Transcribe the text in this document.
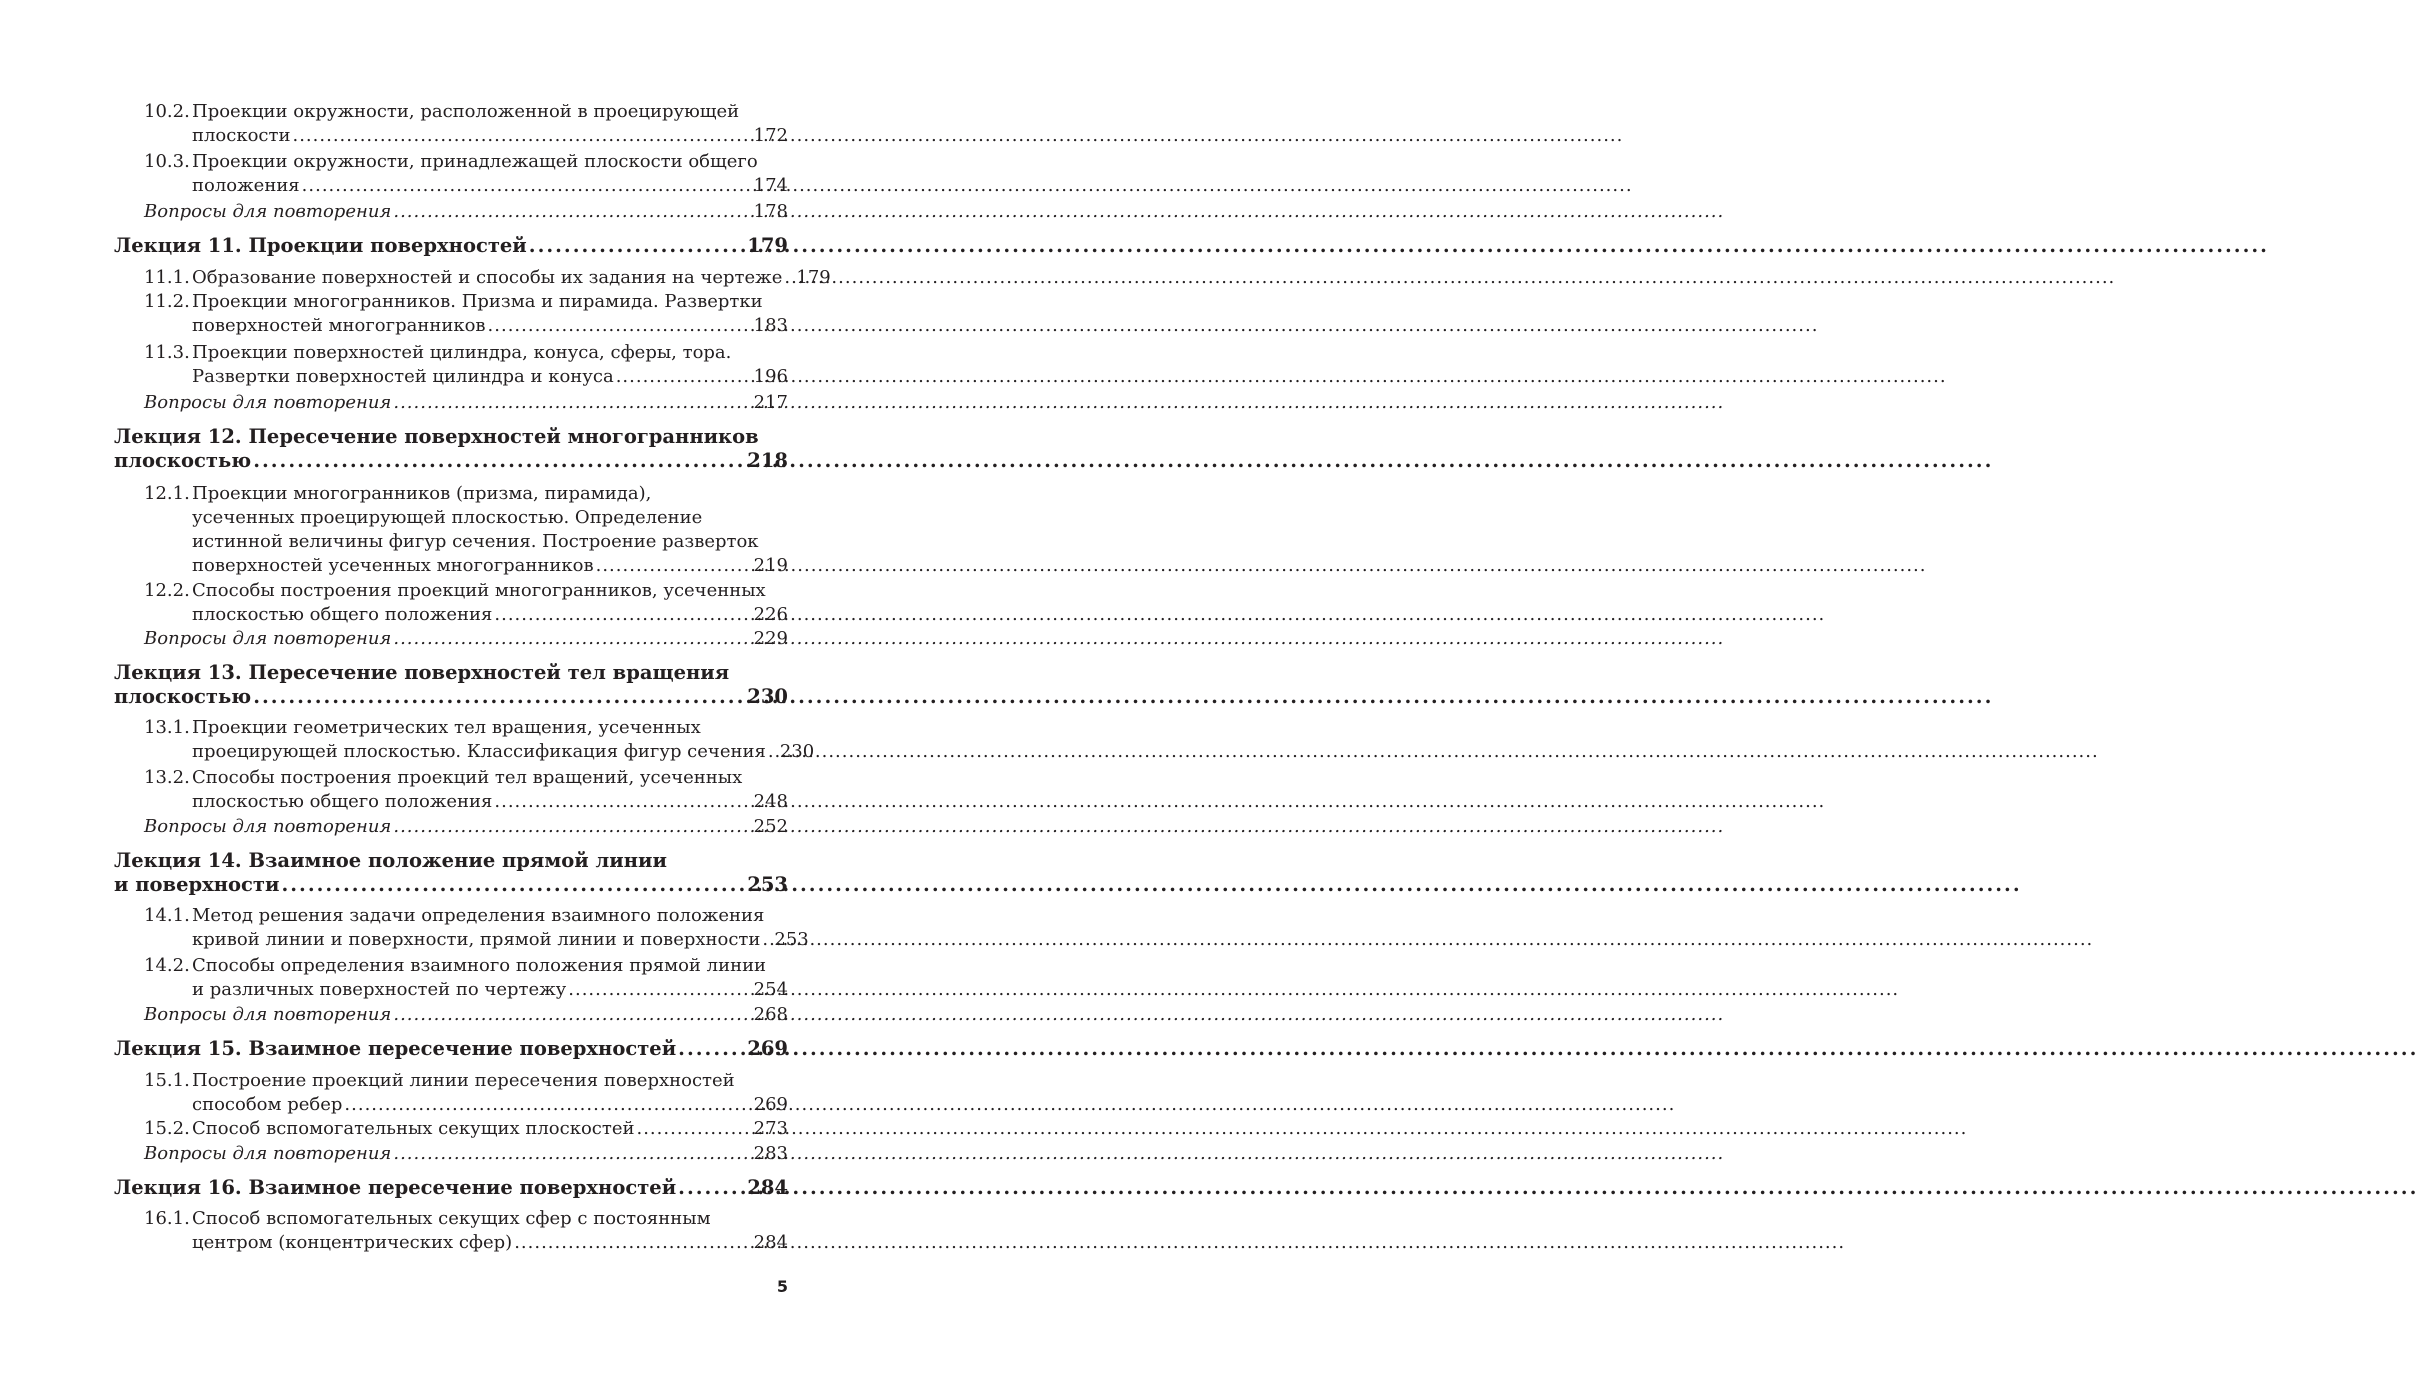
10.2. Проекции окружности, расположенной в проецирующей
плоскости .....	172
10.3. Проекции окружности, принадлежащей плоскости общего
положения .....	174
Вопросы для повторения .....	178
Лекция 11. Проекции поверхностей .....	179
11.1. Образование поверхностей и способы их задания на чертеже ..... 179
11.2. Проекции многогранников. Призма и пирамида. Развертки
поверхностей многогранников .....	183
11.3. Проекции поверхностей цилиндра, конуса, сферы, тора.
Развертки поверхностей цилиндра и конуса .....	196
Вопросы для повторения .....	217
Лекция 12. Пересечение поверхностей многогранников
плоскостью .....	218
12.1. Проекции многогранников (призма, пирамида),
усеченных проецирующей плоскостью. Определение
истинной величины фигур сечения. Построение разверток
поверхностей усеченных многогранников .....	219
12.2. Способы построения проекций многогранников, усеченных
плоскостью общего положения .....	226
Вопросы для повторения .....	229
Лекция 13. Пересечение поверхностей тел вращения
плоскостью .....	230
13.1. Проекции геометрических тел вращения, усеченных
проецирующей плоскостью. Классификация фигур сечения ..... 230
13.2. Способы построения проекций тел вращений, усеченных
плоскостью общего положения .....	248
Вопросы для повторения .....	252
Лекция 14. Взаимное положение прямой линии
и поверхности .....	253
14.1. Метод решения задачи определения взаимного положения
кривой линии и поверхности, прямой линии и поверхности ..... 253
14.2. Способы определения взаимного положения прямой линии
и различных поверхностей по чертежу .....	254
Вопросы для повторения .....	268
Лекция 15. Взаимное пересечение поверхностей .....	269
15.1. Построение проекций линии пересечения поверхностей
способом ребер .....	269
15.2. Способ вспомогательных секущих плоскостей .....	273
Вопросы для повторения .....	283
Лекция 16. Взаимное пересечение поверхностей .....	284
16.1. Способ вспомогательных секущих сфер с постоянным
центром (концентрических сфер) .....	284
5
